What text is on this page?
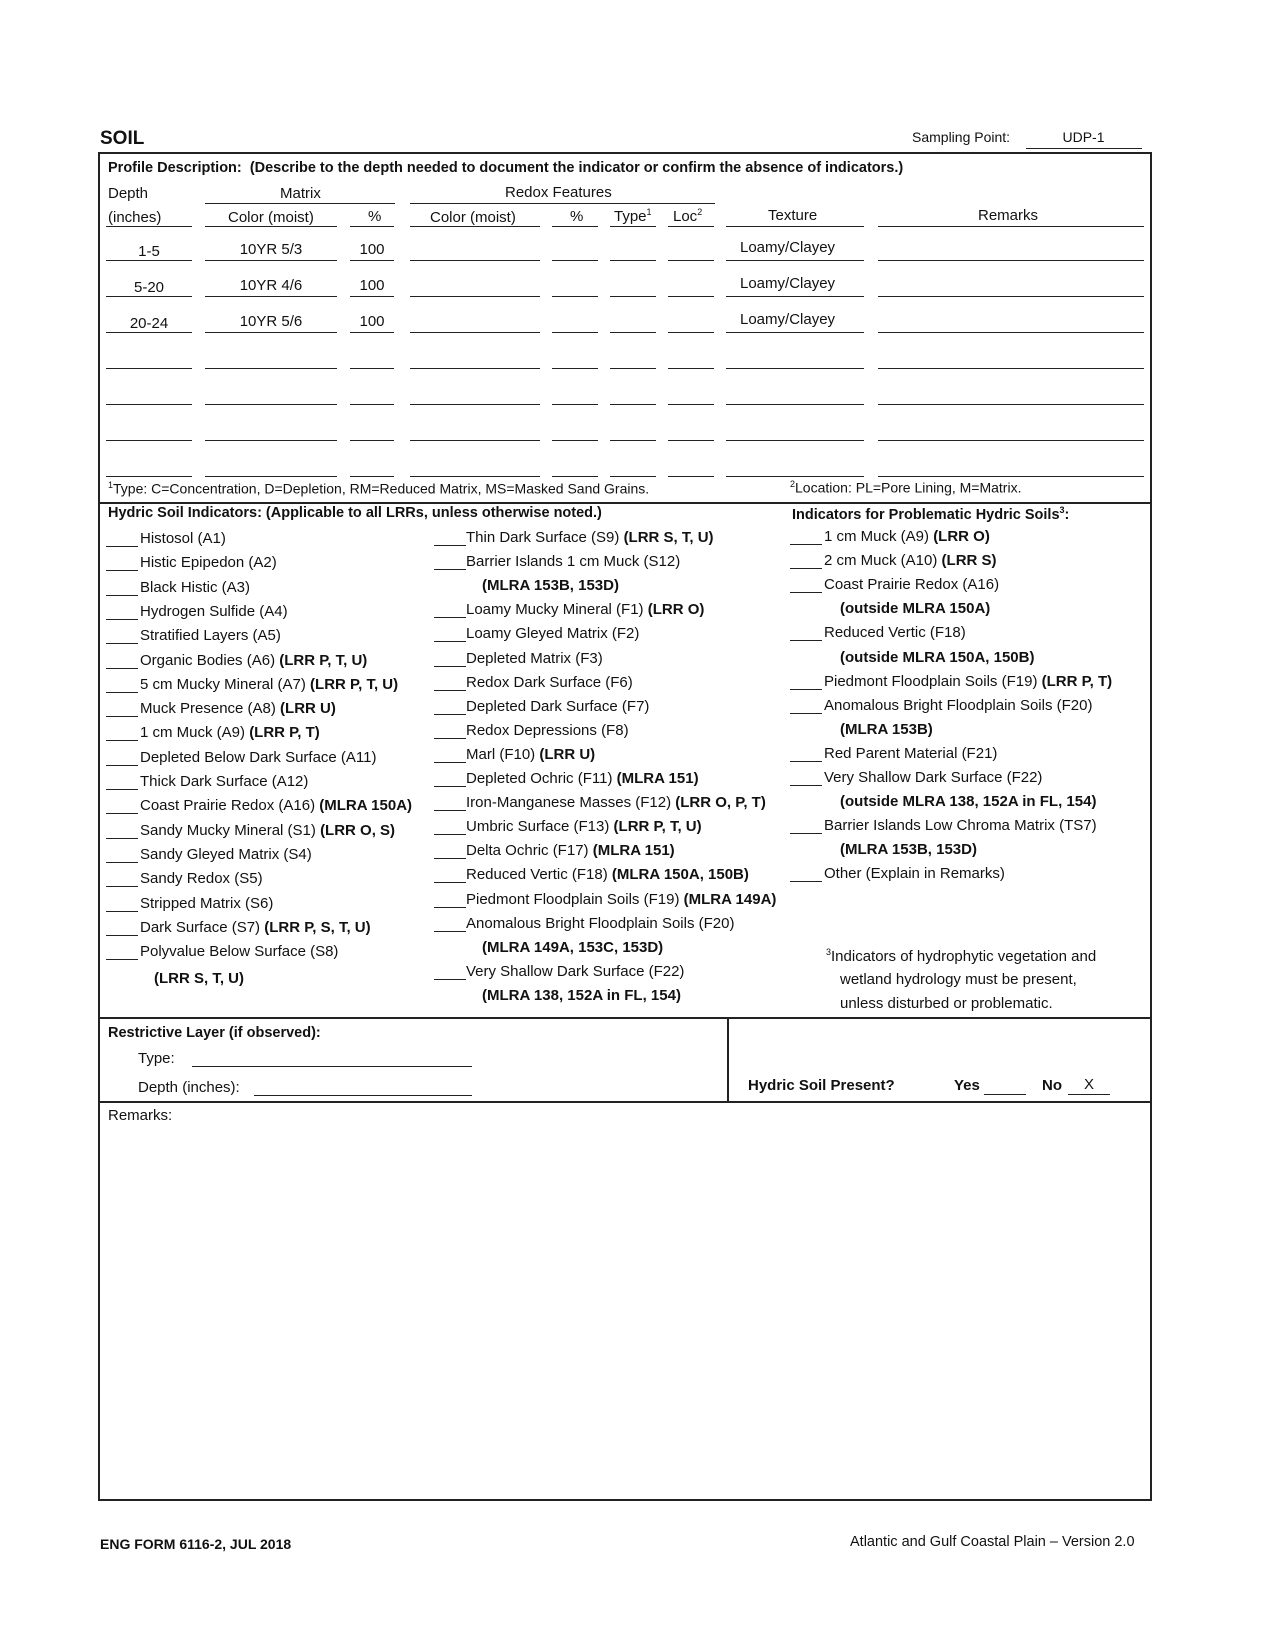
SOIL	Sampling Point:	UDP-1
Profile Description: (Describe to the depth needed to document the indicator or confirm the absence of indicators.)
Depth
(inches)
Matrix	Redox Features
Color (moist)	%	Color (moist)	% Type$^1$ Loc$^2$	Texture	Remarks
1-5	10YR 5/3	100	Loamy/Clayey
5-20	10YR 4/6	100	Loamy/Clayey
20-24	10YR 5/6	100	Loamy/Clayey
$^1$Type: C=Concentration, D=Depletion, RM=Reduced Matrix, MS=Masked Sand Grains.	$^2$Location: PL=Pore Lining, M=Matrix.
Hydric Soil Indicators: (Applicable to all LRRs, unless otherwise noted.)	Indicators for Problematic Hydric Soils$^3$:
Histosol (A1)
Histic Epipedon (A2)
Black Histic (A3)
Hydrogen Sulfide (A4)
Stratified Layers (A5)
Organic Bodies (A6) (LRR P, T, U)
5 cm Mucky Mineral (A7) (LRR P, T, U)
Muck Presence (A8) (LRR U)
1 cm Muck (A9) (LRR P, T)
Depleted Below Dark Surface (A11)
Thick Dark Surface (A12)
Coast Prairie Redox (A16) (MLRA 150A)
Sandy Mucky Mineral (S1) (LRR O, S)
Sandy Gleyed Matrix (S4)
Sandy Redox (S5)
Stripped Matrix (S6)
Dark Surface (S7) (LRR P, S, T, U)
Polyvalue Below Surface (S8)
Thin Dark Surface (S9) (LRR S, T, U)
Barrier Islands 1 cm Muck (S12)
(MLRA 153B, 153D)
Loamy Mucky Mineral (F1) (LRR O)
Loamy Gleyed Matrix (F2)
Depleted Matrix (F3)
Redox Dark Surface (F6)
Depleted Dark Surface (F7)
Redox Depressions (F8)
Marl (F10) (LRR U)
Depleted Ochric (F11) (MLRA 151)
Iron-Manganese Masses (F12) (LRR O, P, T)
Umbric Surface (F13) (LRR P, T, U)
Delta Ochric (F17) (MLRA 151)
Reduced Vertic (F18) (MLRA 150A, 150B)
Piedmont Floodplain Soils (F19) (MLRA 149A)
Anomalous Bright Floodplain Soils (F20)
(MLRA 149A, 153C, 153D)
Very Shallow Dark Surface (F22)
(MLRA 138, 152A in FL, 154)
1 cm Muck (A9) (LRR O)
2 cm Muck (A10) (LRR S)
Coast Prairie Redox (A16)
(outside MLRA 150A)
Reduced Vertic (F18)
(outside MLRA 150A, 150B)
Piedmont Floodplain Soils (F19) (LRR P, T)
Anomalous Bright Floodplain Soils (F20)
(MLRA 153B)
Red Parent Material (F21)
Very Shallow Dark Surface (F22)
(outside MLRA 138, 152A in FL, 154)
Barrier Islands Low Chroma Matrix (TS7)
(MLRA 153B, 153D)
Other (Explain in Remarks)
(LRR S, T, U)
$^3$Indicators of hydrophytic vegetation and
wetland hydrology must be present,
unless disturbed or problematic.
Restrictive Layer (if observed):
Type:
Depth (inches):	Hydric Soil Present?	Yes	No	X
Remarks:
ENG FORM 6116-2, JUL 2018	Atlantic and Gulf Coastal Plain – Version 2.0
